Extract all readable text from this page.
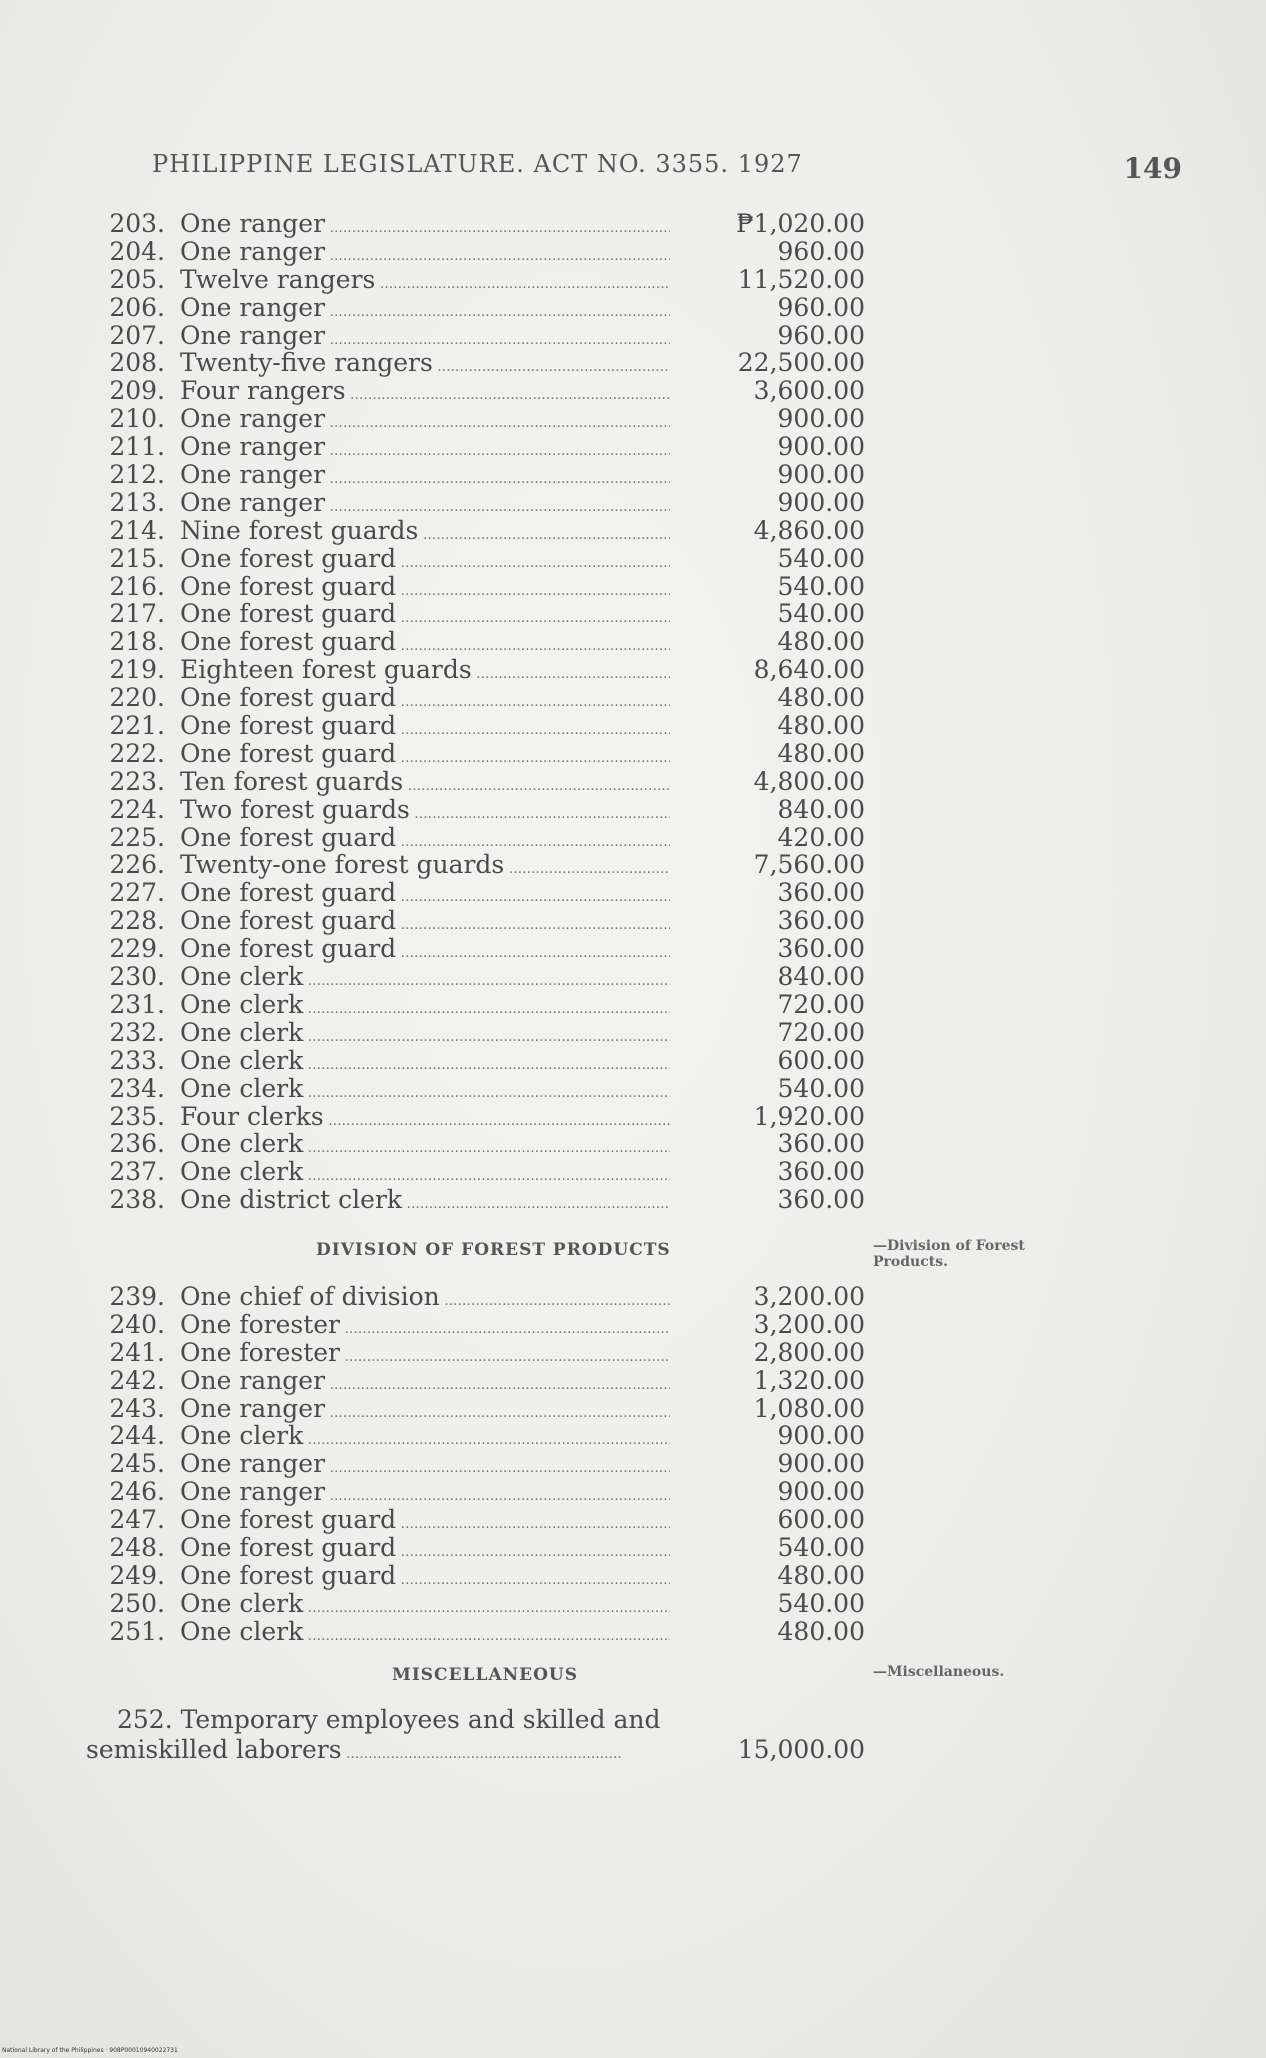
PHILIPPINE LEGISLATURE. ACT NO. 3355. 1927	149
203. One ranger .....	₱1,020.00
204. One ranger .....	960.00
205. Twelve rangers .....	11,520.00
206. One ranger .....	960.00
207. One ranger .....	960.00
208. Twenty-five rangers .....	22,500.00
209. Four rangers .....	3,600.00
210. One ranger .....	900.00
211. One ranger .....	900.00
212. One ranger .....	900.00
213. One ranger .....	900.00
214. Nine forest guards .....	4,860.00
215. One forest guard .....	540.00
216. One forest guard .....	540.00
217. One forest guard .....	540.00
218. One forest guard .....	480.00
219. Eighteen forest guards .....	8,640.00
220. One forest guard .....	480.00
221. One forest guard .....	480.00
222. One forest guard .....	480.00
223. Ten forest guards .....	4,800.00
224. Two forest guards .....	840.00
225. One forest guard .....	420.00
226. Twenty-one forest guards .....	7,560.00
227. One forest guard .....	360.00
228. One forest guard .....	360.00
229. One forest guard .....	360.00
230. One clerk .....	840.00
231. One clerk .....	720.00
232. One clerk .....	720.00
233. One clerk .....	600.00
234. One clerk .....	540.00
235. Four clerks .....	1,920.00
236. One clerk .....	360.00
237. One clerk .....	360.00
238. One district clerk .....	360.00
DIVISION OF FOREST PRODUCTS	—Division of Forest Products.
239. One chief of division .....	3,200.00
240. One forester .....	3,200.00
241. One forester .....	2,800.00
242. One ranger .....	1,320.00
243. One ranger .....	1,080.00
244. One clerk .....	900.00
245. One ranger .....	900.00
246. One ranger .....	900.00
247. One forest guard .....	600.00
248. One forest guard .....	540.00
249. One forest guard .....	480.00
250. One clerk .....	540.00
251. One clerk .....	480.00
MISCELLANEOUS	—Miscellaneous.
252. Temporary employees and skilled and
semiskilled laborers ..............................................................	15,000.00
National Library of the Philippines · 908P00010940022731
